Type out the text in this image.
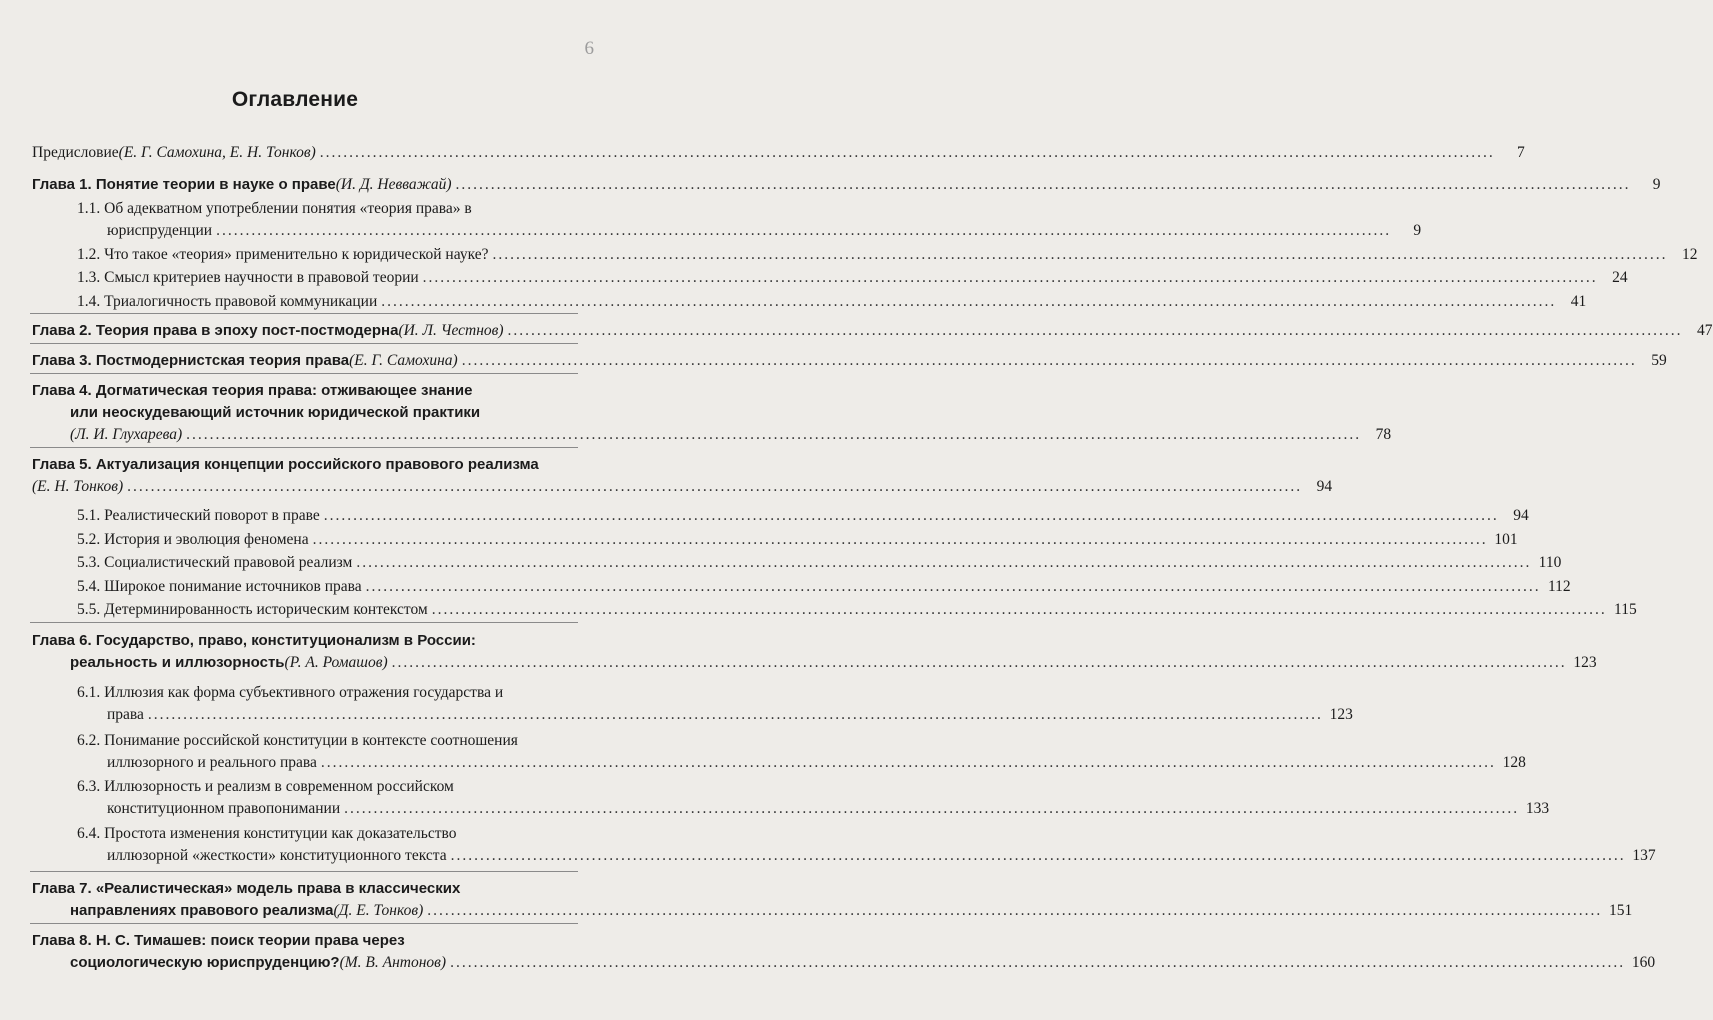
6
Оглавление
Предисловие (Е. Г. Самохина, Е. Н. Тонков) ........................................................................................................................................................................................................	7
Глава 1. Понятие теории в науке о праве (И. Д. Невважай) ........................................................................................................................................................................................................	9
1.1. Об адекватном употреблении понятия «теория права» в
юриспруденции ........................................................................................................................................................................................................	9
1.2. Что такое «теория» применительно к юридической науке? ........................................................................................................................................................................................................ 12
1.3. Смысл критериев научности в правовой теории ........................................................................................................................................................................................................ 24
1.4. Триалогичность правовой коммуникации ........................................................................................................................................................................................................ 41
Глава 2. Теория права в эпоху пост-постмодерна (И. Л. Честнов) ........................................................................................................................................................................................................ 47
Глава 3. Постмодернистская теория права (Е. Г. Самохина) ........................................................................................................................................................................................................ 59
Глава 4. Догматическая теория права: отживающее знание
или неоскудевающий источник юридической практики
(Л. И. Глухарева) ........................................................................................................................................................................................................ 78
Глава 5. Актуализация концепции российского правового реализма
(Е. Н. Тонков) ........................................................................................................................................................................................................ 94
5.1. Реалистический поворот в праве ........................................................................................................................................................................................................ 94
5.2. История и эволюция феномена ........................................................................................................................................................................................................ 101
5.3. Социалистический правовой реализм ........................................................................................................................................................................................................ 110
5.4. Широкое понимание источников права ........................................................................................................................................................................................................ 112
5.5. Детерминированность историческим контекстом ........................................................................................................................................................................................................ 115
Глава 6. Государство, право, конституционализм в России:
реальность и иллюзорность (Р. А. Ромашов) ........................................................................................................................................................................................................ 123
6.1. Иллюзия как форма субъективного отражения государства и
права ........................................................................................................................................................................................................ 123
6.2. Понимание российской конституции в контексте соотношения
иллюзорного и реального права ........................................................................................................................................................................................................ 128
6.3. Иллюзорность и реализм в современном российском
конституционном правопонимании ........................................................................................................................................................................................................ 133
6.4. Простота изменения конституции как доказательство
иллюзорной «жесткости» конституционного текста ........................................................................................................................................................................................................ 137
Глава 7. «Реалистическая» модель права в классических
направлениях правового реализма (Д. Е. Тонков) ........................................................................................................................................................................................................ 151
Глава 8. Н. С. Тимашев: поиск теории права через
социологическую юриспруденцию? (М. В. Антонов) ........................................................................................................................................................................................................ 160
